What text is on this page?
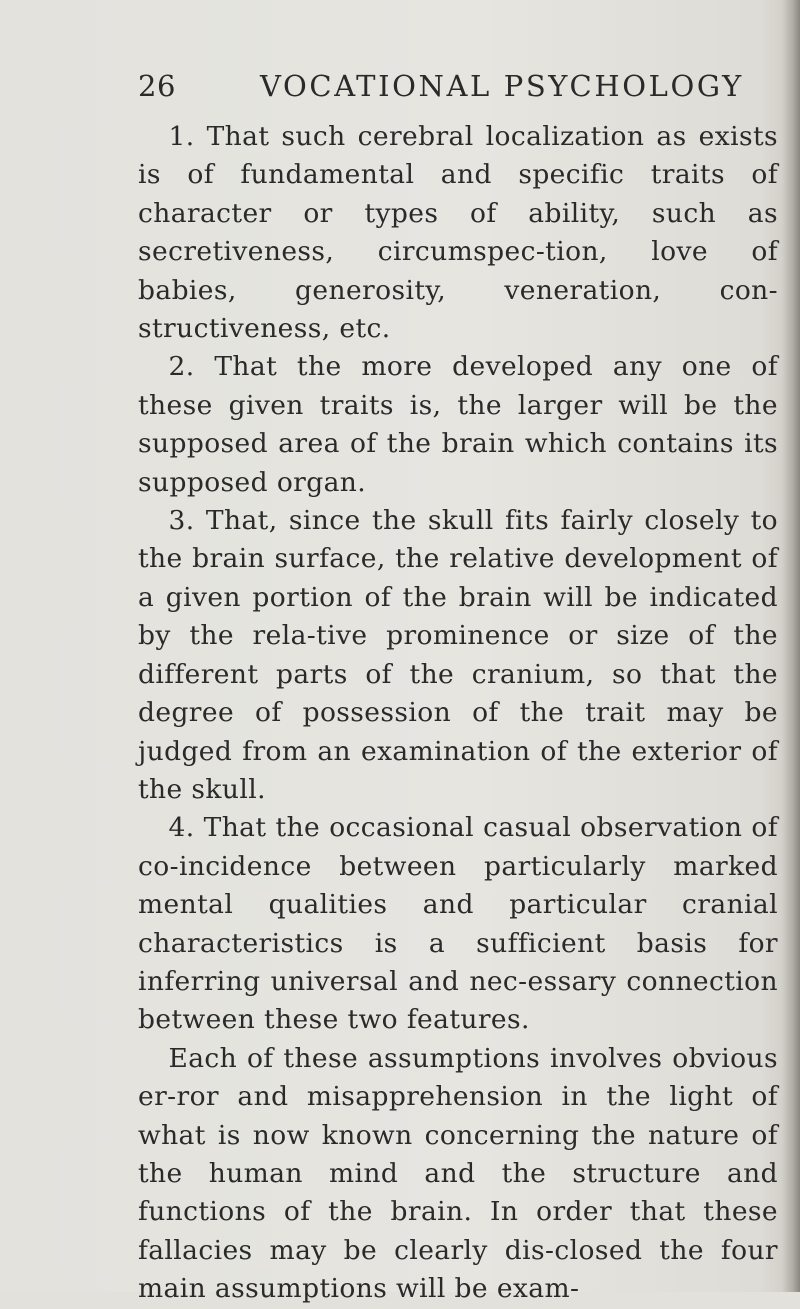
26	VOCATIONAL PSYCHOLOGY

1. That such cerebral localization as exists is of fundamental and specific traits of character or types of ability, such as secretiveness, circumspec-tion, love of babies, generosity, veneration, con-structiveness, etc.

2. That the more developed any one of these given traits is, the larger will be the supposed area of the brain which contains its supposed organ.

3. That, since the skull fits fairly closely to the brain surface, the relative development of a given portion of the brain will be indicated by the rela-tive prominence or size of the different parts of the cranium, so that the degree of possession of the trait may be judged from an examination of the exterior of the skull.

4. That the occasional casual observation of co-incidence between particularly marked mental qualities and particular cranial characteristics is a sufficient basis for inferring universal and nec-essary connection between these two features.

Each of these assumptions involves obvious er-ror and misapprehension in the light of what is now known concerning the nature of the human mind and the structure and functions of the brain. In order that these fallacies may be clearly dis-closed the four main assumptions will be exam-
